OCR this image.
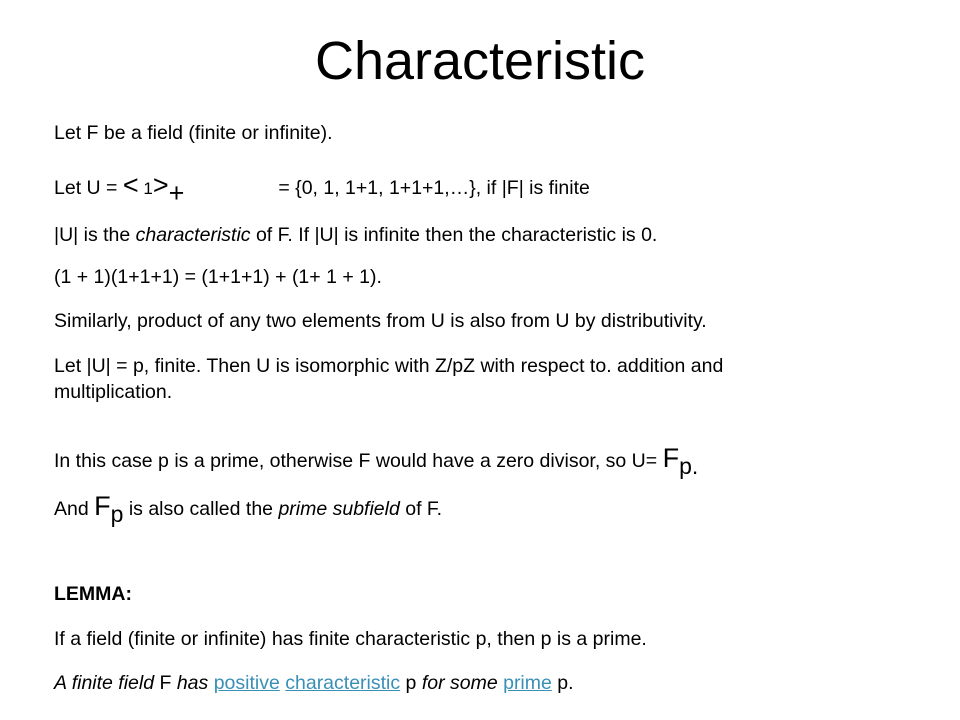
Characteristic
Let F be a field (finite or infinite).
Let U = < 1>+	= {0, 1, 1+1, 1+1+1,…}, if |F| is finite
|U| is the characteristic of F. If |U| is infinite then the characteristic is 0.
(1 + 1)(1+1+1) = (1+1+1) + (1+ 1 + 1).
Similarly, product of any two elements from U is also from U by distributivity.
Let |U| = p, finite. Then U is isomorphic with Z/pZ with respect to. addition and
multiplication.
In this case p is a prime, otherwise F would have a zero divisor, so U= Fp.
And Fp is also called the prime subfield of F.
LEMMA:
If a field (finite or infinite) has finite characteristic p, then p is a prime.
A finite field F has positive characteristic p for some prime p.
